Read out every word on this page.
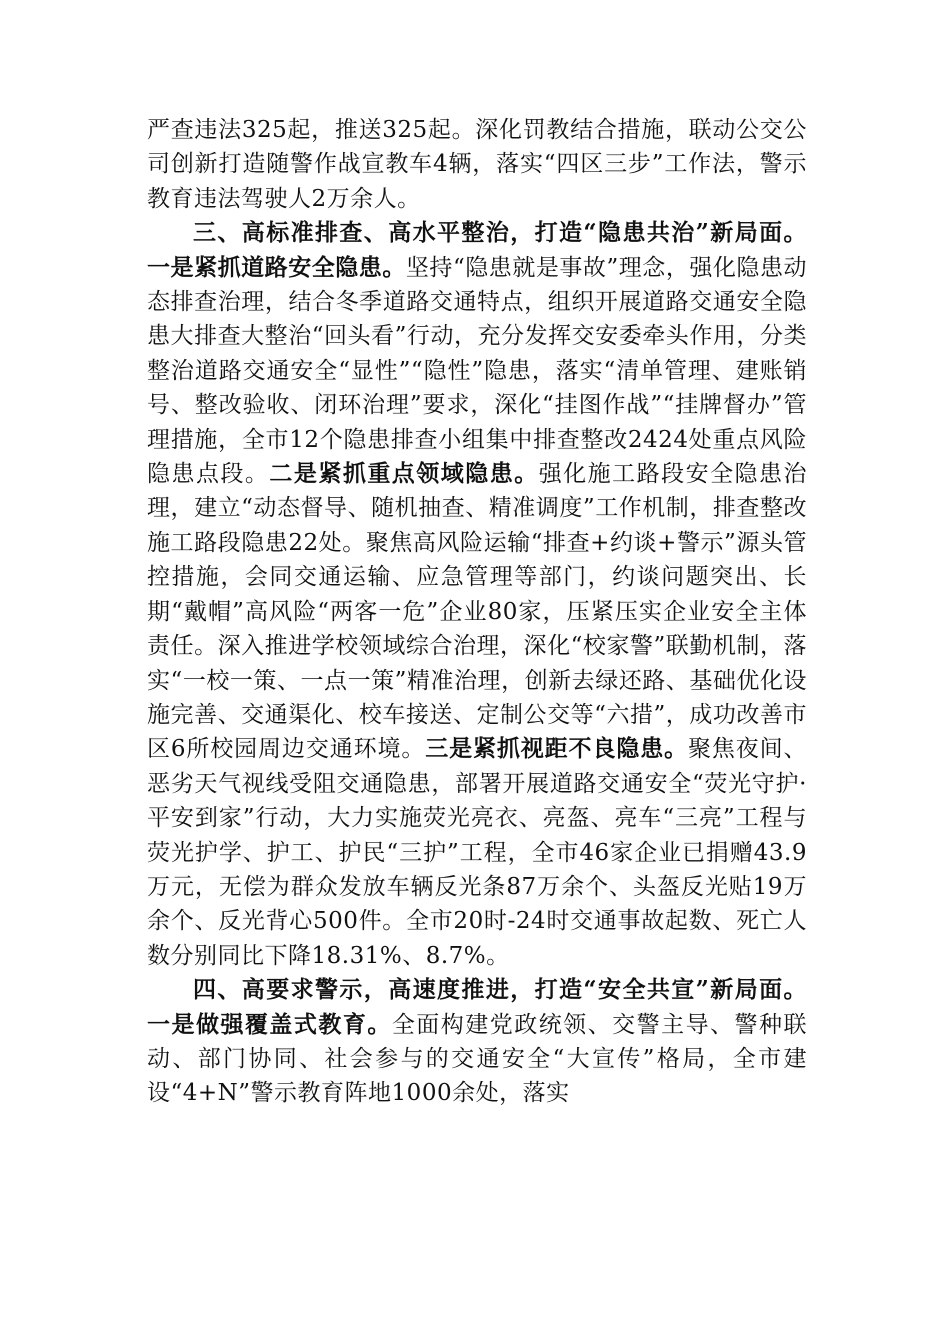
严查违法325起，推送325起。深化罚教结合措施，联动公交公司创新打造随警作战宣教车4辆，落实“四区三步”工作法，警示教育违法驾驶人2万余人。

三、高标准排查、高水平整治，打造“隐患共治”新局面。一是紧抓道路安全隐患。坚持“隐患就是事故”理念，强化隐患动态排查治理，结合冬季道路交通特点，组织开展道路交通安全隐患大排查大整治“回头看”行动，充分发挥交安委牵头作用，分类整治道路交通安全“显性”“隐性”隐患，落实“清单管理、建账销号、整改验收、闭环治理”要求，深化“挂图作战”“挂牌督办”管理措施，全市12个隐患排查小组集中排查整改2424处重点风险隐患点段。二是紧抓重点领域隐患。强化施工路段安全隐患治理，建立“动态督导、随机抽查、精准调度”工作机制，排查整改施工路段隐患22处。聚焦高风险运输“排查+约谈+警示”源头管控措施，会同交通运输、应急管理等部门，约谈问题突出、长期“戴帽”高风险“两客一危”企业80家，压紧压实企业安全主体责任。深入推进学校领域综合治理，深化“校家警”联勤机制，落实“一校一策、一点一策”精准治理，创新去绿还路、基础优化设施完善、交通渠化、校车接送、定制公交等“六措”，成功改善市区6所校园周边交通环境。三是紧抓视距不良隐患。聚焦夜间、恶劣天气视线受阻交通隐患，部署开展道路交通安全“荧光守护·平安到家”行动，大力实施荧光亮衣、亮盔、亮车“三亮”工程与荧光护学、护工、护民“三护”工程，全市46家企业已捐赠43.9万元，无偿为群众发放车辆反光条87万余个、头盔反光贴19万余个、反光背心500件。全市20时-24时交通事故起数、死亡人数分别同比下降18.31%、8.7%。

四、高要求警示，高速度推进，打造“安全共宣”新局面。一是做强覆盖式教育。全面构建党政统领、交警主导、警种联动、部门协同、社会参与的交通安全“大宣传”格局，全市建设“4+N”警示教育阵地1000余处，落实
